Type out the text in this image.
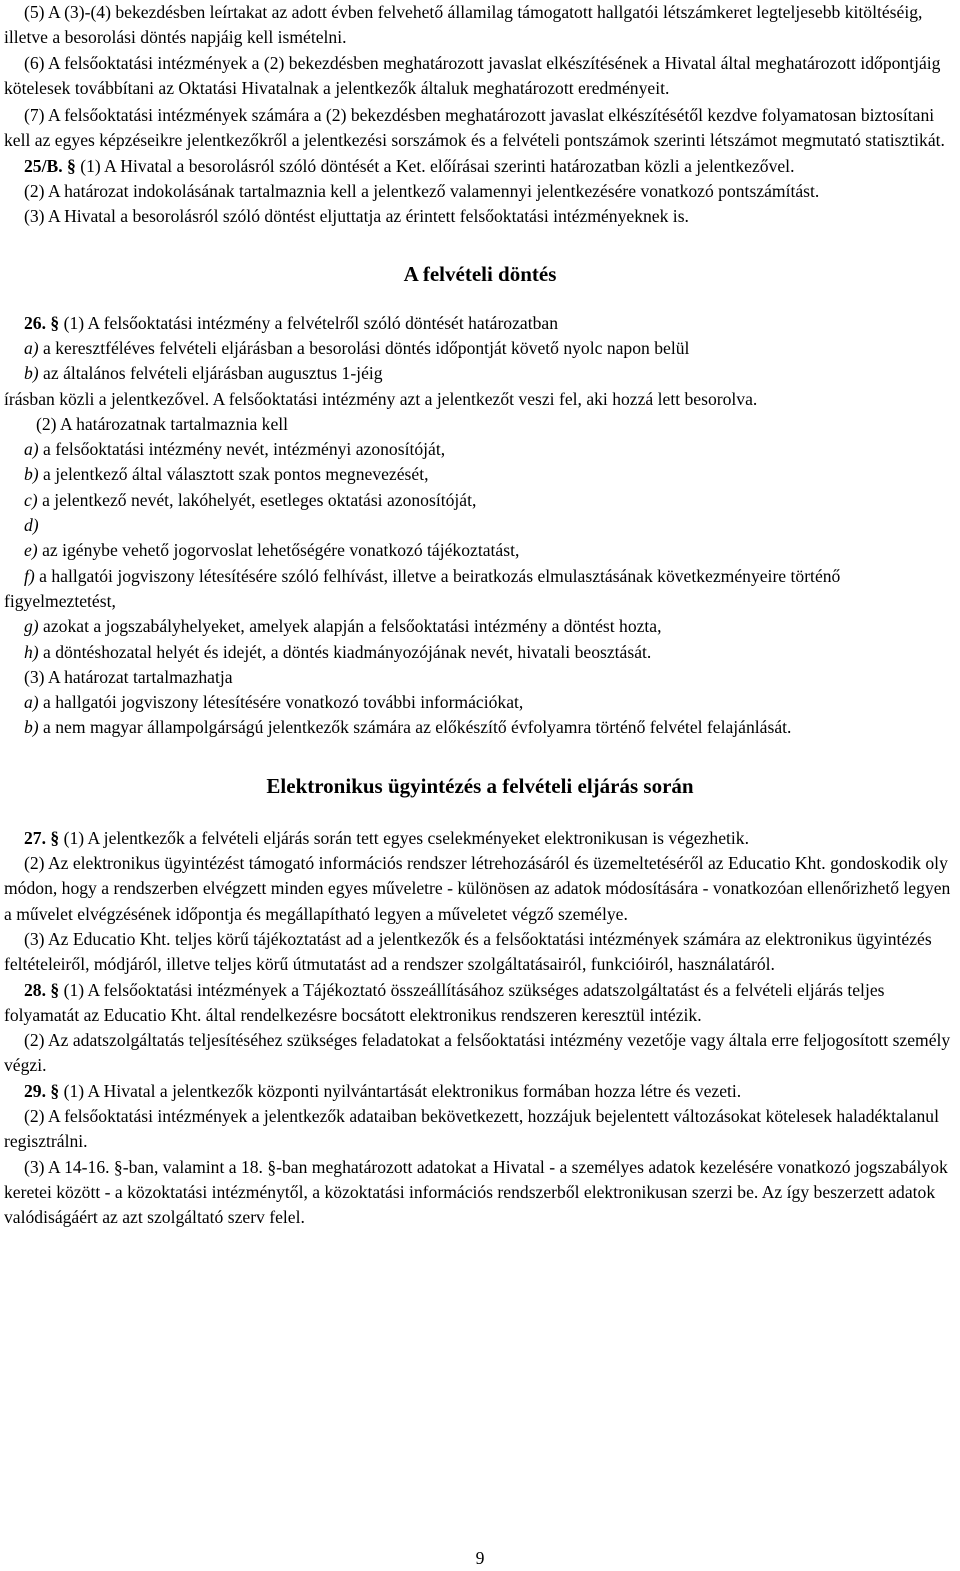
(5) A (3)-(4) bekezdésben leírtakat az adott évben felvehető államilag támogatott hallgatói létszámkeret legteljesebb kitöltéséig, illetve a besorolási döntés napjáig kell ismételni.

(6) A felsőoktatási intézmények a (2) bekezdésben meghatározott javaslat elkészítésének a Hivatal által meghatározott időpontjáig kötelesek továbbítani az Oktatási Hivatalnak a jelentkezők általuk meghatározott eredményeit.

(7) A felsőoktatási intézmények számára a (2) bekezdésben meghatározott javaslat elkészítésétől kezdve folyamatosan biztosítani kell az egyes képzéseikre jelentkezőkről a jelentkezési sorszámok és a felvételi pontszámok szerinti létszámot megmutató statisztikát.

25/B. § (1) A Hivatal a besorolásról szóló döntését a Ket. előírásai szerinti határozatban közli a jelentkezővel.

(2) A határozat indokolásának tartalmaznia kell a jelentkező valamennyi jelentkezésére vonatkozó pontszámítást.

(3) A Hivatal a besorolásról szóló döntést eljuttatja az érintett felsőoktatási intézményeknek is.

A felvételi döntés

26. § (1) A felsőoktatási intézmény a felvételről szóló döntését határozatban

a) a keresztféléves felvételi eljárásban a besorolási döntés időpontját követő nyolc napon belül

b) az általános felvételi eljárásban augusztus 1-jéig

írásban közli a jelentkezővel. A felsőoktatási intézmény azt a jelentkezőt veszi fel, aki hozzá lett besorolva.

(2) A határozatnak tartalmaznia kell

a) a felsőoktatási intézmény nevét, intézményi azonosítóját,

b) a jelentkező által választott szak pontos megnevezését,

c) a jelentkező nevét, lakóhelyét, esetleges oktatási azonosítóját,

d)

e) az igénybe vehető jogorvoslat lehetőségére vonatkozó tájékoztatást,

f) a hallgatói jogviszony létesítésére szóló felhívást, illetve a beiratkozás elmulasztásának következményeire történő figyelmeztetést,

g) azokat a jogszabályhelyeket, amelyek alapján a felsőoktatási intézmény a döntést hozta,

h) a döntéshozatal helyét és idejét, a döntés kiadmányozójának nevét, hivatali beosztását.

(3) A határozat tartalmazhatja

a) a hallgatói jogviszony létesítésére vonatkozó további információkat,

b) a nem magyar állampolgárságú jelentkezők számára az előkészítő évfolyamra történő felvétel felajánlását.

Elektronikus ügyintézés a felvételi eljárás során

27. § (1) A jelentkezők a felvételi eljárás során tett egyes cselekményeket elektronikusan is végezhetik.

(2) Az elektronikus ügyintézést támogató információs rendszer létrehozásáról és üzemeltetéséről az Educatio Kht. gondoskodik oly módon, hogy a rendszerben elvégzett minden egyes műveletre - különösen az adatok módosítására - vonatkozóan ellenőrizhető legyen a művelet elvégzésének időpontja és megállapítható legyen a műveletet végző személye.

(3) Az Educatio Kht. teljes körű tájékoztatást ad a jelentkezők és a felsőoktatási intézmények számára az elektronikus ügyintézés feltételeiről, módjáról, illetve teljes körű útmutatást ad a rendszer szolgáltatásairól, funkcióiról, használatáról.

28. § (1) A felsőoktatási intézmények a Tájékoztató összeállításához szükséges adatszolgáltatást és a felvételi eljárás teljes folyamatát az Educatio Kht. által rendelkezésre bocsátott elektronikus rendszeren keresztül intézik.

(2) Az adatszolgáltatás teljesítéséhez szükséges feladatokat a felsőoktatási intézmény vezetője vagy általa erre feljogosított személy végzi.

29. § (1) A Hivatal a jelentkezők központi nyilvántartását elektronikus formában hozza létre és vezeti.

(2) A felsőoktatási intézmények a jelentkezők adataiban bekövetkezett, hozzájuk bejelentett változásokat kötelesek haladéktalanul regisztrálni.

(3) A 14-16. §-ban, valamint a 18. §-ban meghatározott adatokat a Hivatal - a személyes adatok kezelésére vonatkozó jogszabályok keretei között - a közoktatási intézménytől, a közoktatási információs rendszerből elektronikusan szerzi be. Az így beszerzett adatok valódiságáért az azt szolgáltató szerv felel.

9
